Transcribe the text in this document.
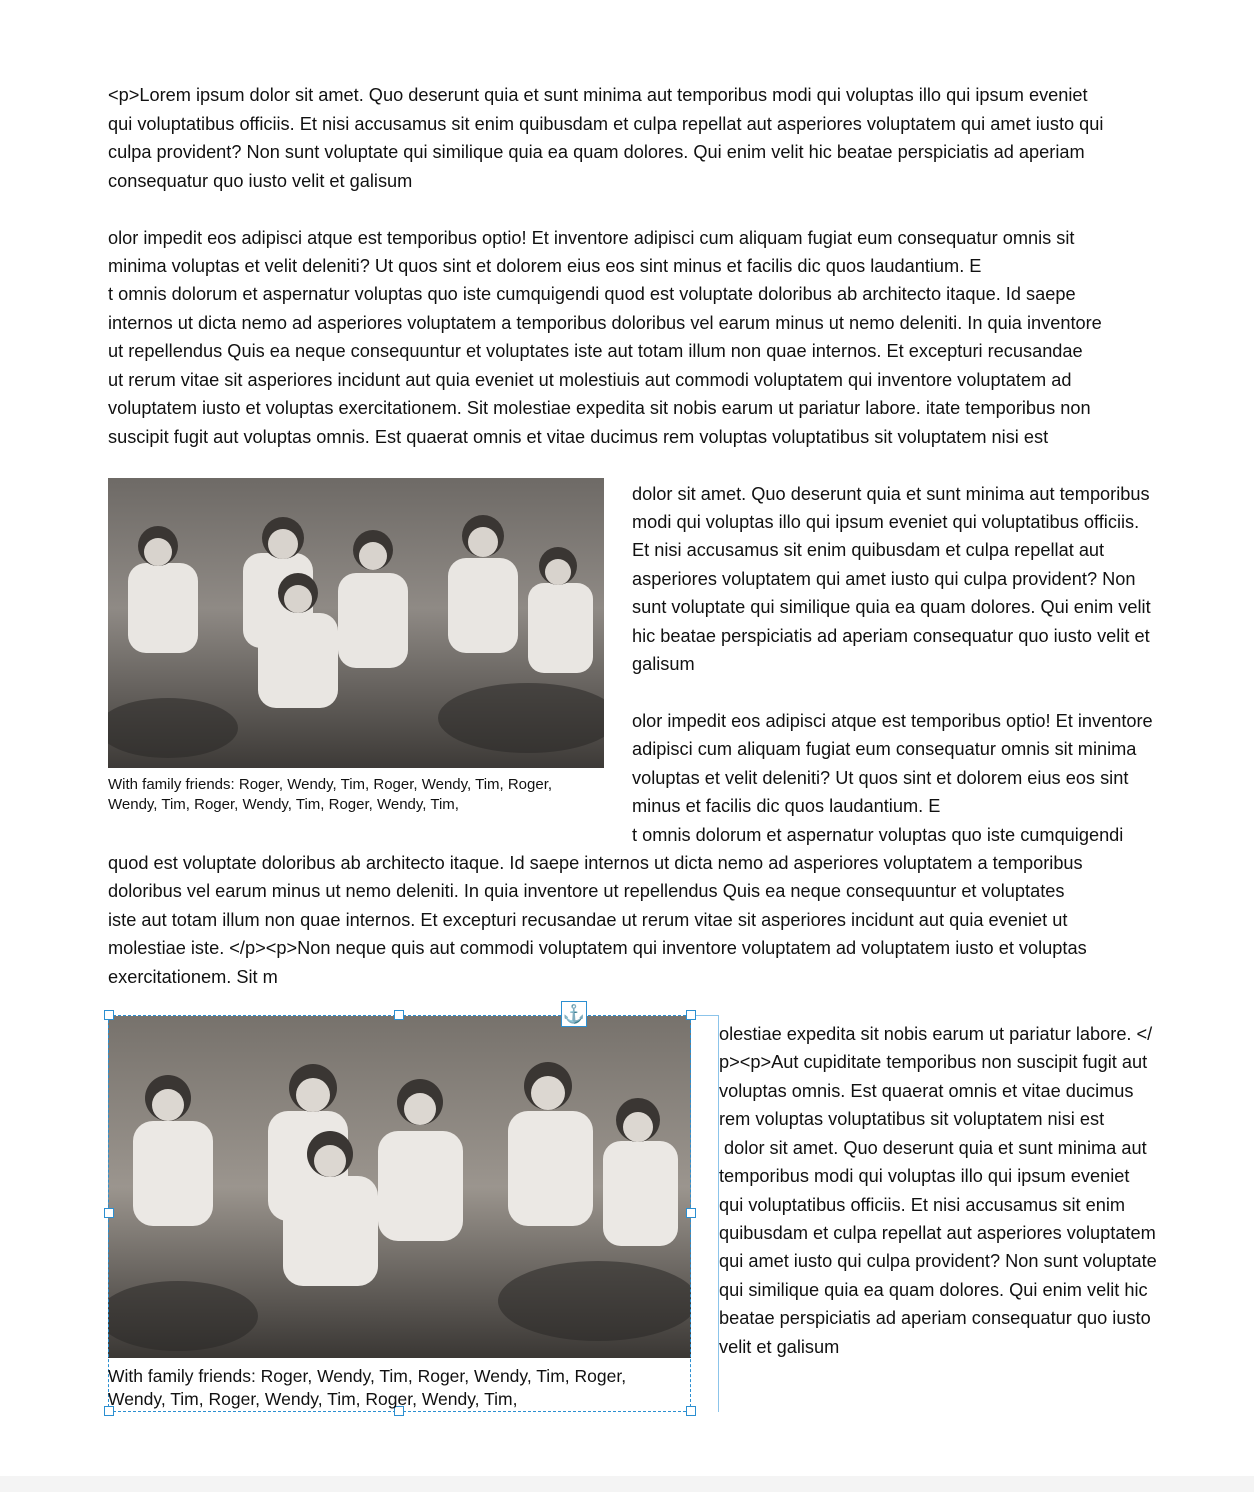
<p>Lorem ipsum dolor sit amet. Quo deserunt quia et sunt minima aut temporibus modi qui voluptas illo qui ipsum eveniet
qui voluptatibus officiis. Et nisi accusamus sit enim quibusdam et culpa repellat aut asperiores voluptatem qui amet iusto qui
culpa provident? Non sunt voluptate qui similique quia ea quam dolores. Qui enim velit hic beatae perspiciatis ad aperiam
consequatur quo iusto velit et galisum
olor impedit eos adipisci atque est temporibus optio! Et inventore adipisci cum aliquam fugiat eum consequatur omnis sit
minima voluptas et velit deleniti? Ut quos sint et dolorem eius eos sint minus et facilis dic quos laudantium. E
t omnis dolorum et aspernatur voluptas quo iste cumquigendi quod est voluptate doloribus ab architecto itaque. Id saepe
internos ut dicta nemo ad asperiores voluptatem a temporibus doloribus vel earum minus ut nemo deleniti. In quia inventore
ut repellendus Quis ea neque consequuntur et voluptates iste aut totam illum non quae internos. Et excepturi recusandae
ut rerum vitae sit asperiores incidunt aut quia eveniet ut molestiuis aut commodi voluptatem qui inventore voluptatem ad
voluptatem iusto et voluptas exercitationem. Sit molestiae expedita sit nobis earum ut pariatur labore. itate temporibus non
suscipit fugit aut voluptas omnis. Est quaerat omnis et vitae ducimus rem voluptas voluptatibus sit voluptatem nisi est
With family friends: Roger, Wendy, Tim, Roger, Wendy, Tim, Roger,
Wendy, Tim, Roger, Wendy, Tim, Roger, Wendy, Tim,
dolor sit amet. Quo deserunt quia et sunt minima aut temporibus
modi qui voluptas illo qui ipsum eveniet qui voluptatibus officiis.
Et nisi accusamus sit enim quibusdam et culpa repellat aut
asperiores voluptatem qui amet iusto qui culpa provident? Non
sunt voluptate qui similique quia ea quam dolores. Qui enim velit
hic beatae perspiciatis ad aperiam consequatur quo iusto velit et
galisum
olor impedit eos adipisci atque est temporibus optio! Et inventore
adipisci cum aliquam fugiat eum consequatur omnis sit minima
voluptas et velit deleniti? Ut quos sint et dolorem eius eos sint
minus et facilis dic quos laudantium. E
t omnis dolorum et aspernatur voluptas quo iste cumquigendi
quod est voluptate doloribus ab architecto itaque. Id saepe internos ut dicta nemo ad asperiores voluptatem a temporibus
doloribus vel earum minus ut nemo deleniti. In quia inventore ut repellendus Quis ea neque consequuntur et voluptates
iste aut totam illum non quae internos. Et excepturi recusandae ut rerum vitae sit asperiores incidunt aut quia eveniet ut
molestiae iste. </p><p>Non neque quis aut commodi voluptatem qui inventore voluptatem ad voluptatem iusto et voluptas
exercitationem. Sit m
⚓
With family friends: Roger, Wendy, Tim, Roger, Wendy, Tim, Roger,
Wendy, Tim, Roger, Wendy, Tim, Roger, Wendy, Tim,
olestiae expedita sit nobis earum ut pariatur labore. </
p><p>Aut cupiditate temporibus non suscipit fugit aut
voluptas omnis. Est quaerat omnis et vitae ducimus
rem voluptas voluptatibus sit voluptatem nisi est
dolor sit amet. Quo deserunt quia et sunt minima aut
temporibus modi qui voluptas illo qui ipsum eveniet
qui voluptatibus officiis. Et nisi accusamus sit enim
quibusdam et culpa repellat aut asperiores voluptatem
qui amet iusto qui culpa provident? Non sunt voluptate
qui similique quia ea quam dolores. Qui enim velit hic
beatae perspiciatis ad aperiam consequatur quo iusto
velit et galisum
